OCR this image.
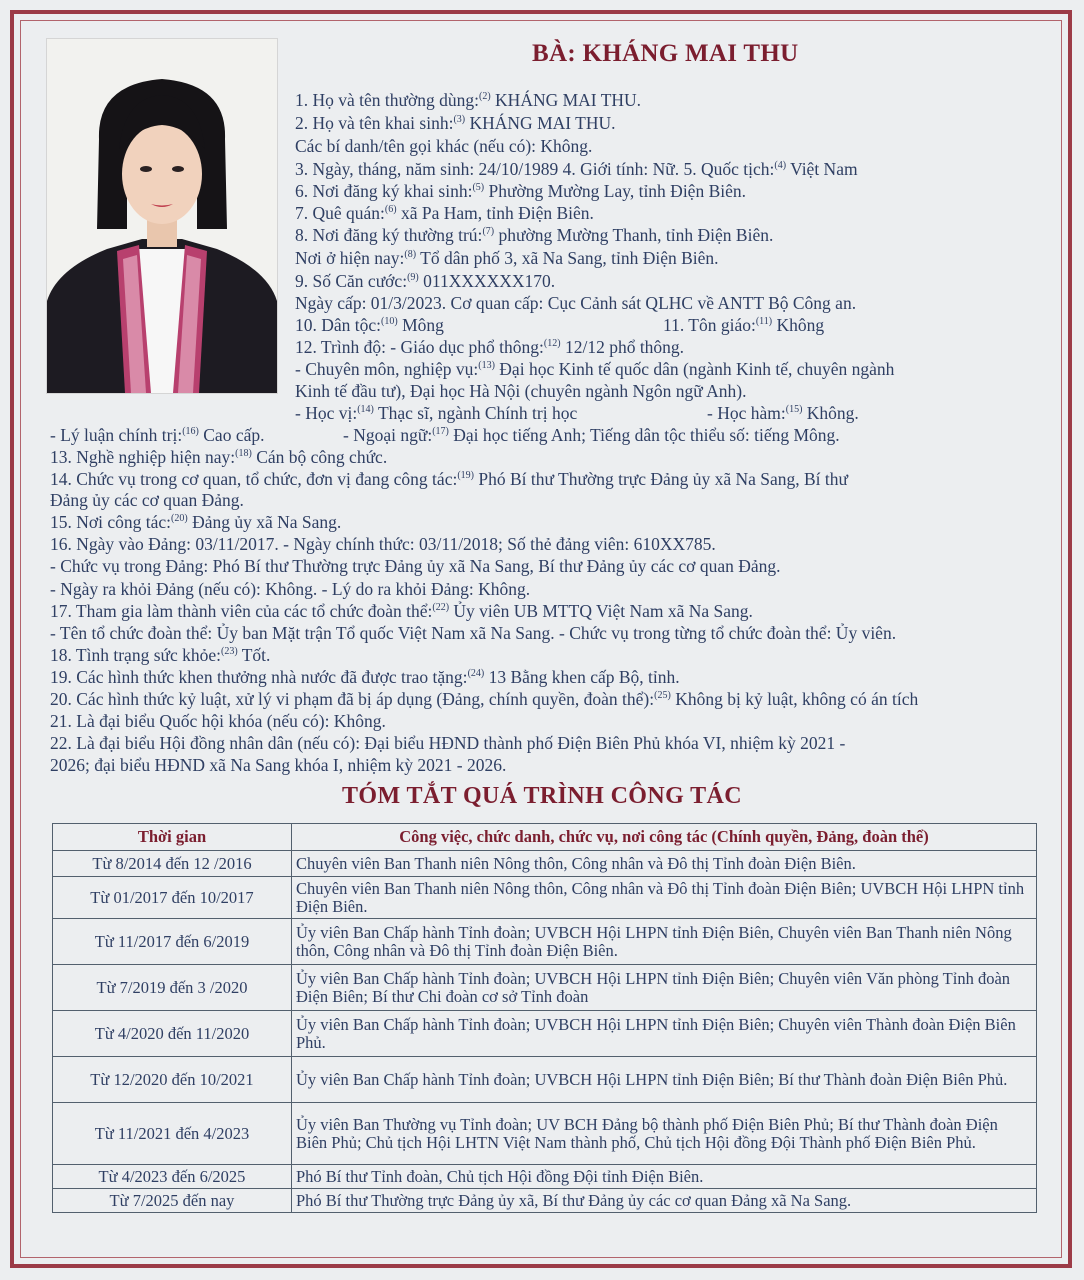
BÀ: KHÁNG MAI THU
1. Họ và tên thường dùng:$^{(2)}$ KHÁNG MAI THU.
2. Họ và tên khai sinh:$^{(3)}$ KHÁNG MAI THU.
Các bí danh/tên gọi khác (nếu có): Không.
3. Ngày, tháng, năm sinh: 24/10/1989 4. Giới tính: Nữ. 5. Quốc tịch:$^{(4)}$ Việt Nam
6. Nơi đăng ký khai sinh:$^{(5)}$ Phường Mường Lay, tỉnh Điện Biên.
7. Quê quán:$^{(6)}$ xã Pa Ham, tỉnh Điện Biên.
8. Nơi đăng ký thường trú:$^{(7)}$ phường Mường Thanh, tỉnh Điện Biên.
Nơi ở hiện nay:$^{(8)}$ Tổ dân phố 3, xã Na Sang, tỉnh Điện Biên.
9. Số Căn cước:$^{(9)}$ 011XXXXXX170.
Ngày cấp: 01/3/2023. Cơ quan cấp: Cục Cảnh sát QLHC về ANTT Bộ Công an.
10. Dân tộc:$^{(10)}$ Mông	11. Tôn giáo:$^{(11)}$ Không
12. Trình độ: - Giáo dục phổ thông:$^{(12)}$ 12/12 phổ thông.
- Chuyên môn, nghiệp vụ:$^{(13)}$ Đại học Kinh tế quốc dân (ngành Kinh tế, chuyên ngành
Kinh tế đầu tư), Đại học Hà Nội (chuyên ngành Ngôn ngữ Anh).
- Học vị:$^{(14)}$ Thạc sĩ, ngành Chính trị học	- Học hàm:$^{(15)}$ Không.
- Lý luận chính trị:$^{(16)}$ Cao cấp.	- Ngoại ngữ:$^{(17)}$ Đại học tiếng Anh; Tiếng dân tộc thiểu số: tiếng Mông.
13. Nghề nghiệp hiện nay:$^{(18)}$ Cán bộ công chức.
14. Chức vụ trong cơ quan, tổ chức, đơn vị đang công tác:$^{(19)}$ Phó Bí thư Thường trực Đảng ủy xã Na Sang, Bí thư
Đảng ủy các cơ quan Đảng.
15. Nơi công tác:$^{(20)}$ Đảng ủy xã Na Sang.
16. Ngày vào Đảng: 03/11/2017. - Ngày chính thức: 03/11/2018; Số thẻ đảng viên: 610XX785.
- Chức vụ trong Đảng: Phó Bí thư Thường trực Đảng ủy xã Na Sang, Bí thư Đảng ủy các cơ quan Đảng.
- Ngày ra khỏi Đảng (nếu có): Không. - Lý do ra khỏi Đảng: Không.
17. Tham gia làm thành viên của các tổ chức đoàn thể:$^{(22)}$ Ủy viên UB MTTQ Việt Nam xã Na Sang.
- Tên tổ chức đoàn thể: Ủy ban Mặt trận Tổ quốc Việt Nam xã Na Sang. - Chức vụ trong từng tổ chức đoàn thể: Ủy viên.
18. Tình trạng sức khỏe:$^{(23)}$ Tốt.
19. Các hình thức khen thưởng nhà nước đã được trao tặng:$^{(24)}$ 13 Bằng khen cấp Bộ, tỉnh.
20. Các hình thức kỷ luật, xử lý vi phạm đã bị áp dụng (Đảng, chính quyền, đoàn thể):$^{(25)}$ Không bị kỷ luật, không có án tích
21. Là đại biểu Quốc hội khóa (nếu có): Không.
22. Là đại biểu Hội đồng nhân dân (nếu có): Đại biểu HĐND thành phố Điện Biên Phủ khóa VI, nhiệm kỳ 2021 -
2026; đại biểu HĐND xã Na Sang khóa I, nhiệm kỳ 2021 - 2026.
TÓM TẮT QUÁ TRÌNH CÔNG TÁC
Thời gian	Công việc, chức danh, chức vụ, nơi công tác (Chính quyền, Đảng, đoàn thể)
Từ 8/2014 đến 12 /2016	Chuyên viên Ban Thanh niên Nông thôn, Công nhân và Đô thị Tỉnh đoàn Điện Biên.
Từ 01/2017 đến 10/2017	Chuyên viên Ban Thanh niên Nông thôn, Công nhân và Đô thị Tỉnh đoàn Điện Biên; UVBCH Hội LHPN tỉnh Điện Biên.
Từ 11/2017 đến 6/2019	Ủy viên Ban Chấp hành Tỉnh đoàn; UVBCH Hội LHPN tỉnh Điện Biên, Chuyên viên Ban Thanh niên Nông thôn, Công nhân và Đô thị Tỉnh đoàn Điện Biên.
Từ 7/2019 đến 3 /2020	Ủy viên Ban Chấp hành Tỉnh đoàn; UVBCH Hội LHPN tỉnh Điện Biên; Chuyên viên Văn phòng Tỉnh đoàn Điện Biên; Bí thư Chi đoàn cơ sở Tỉnh đoàn
Từ 4/2020 đến 11/2020	Ủy viên Ban Chấp hành Tỉnh đoàn; UVBCH Hội LHPN tỉnh Điện Biên; Chuyên viên Thành đoàn Điện Biên Phủ.
Từ 12/2020 đến 10/2021	Ủy viên Ban Chấp hành Tỉnh đoàn; UVBCH Hội LHPN tỉnh Điện Biên; Bí thư Thành đoàn Điện Biên Phủ.
Từ 11/2021 đến 4/2023	Ủy viên Ban Thường vụ Tỉnh đoàn; UV BCH Đảng bộ thành phố Điện Biên Phủ; Bí thư Thành đoàn Điện Biên Phủ; Chủ tịch Hội LHTN Việt Nam thành phố, Chủ tịch Hội đồng Đội Thành phố Điện Biên Phủ.
Từ 4/2023 đến 6/2025	Phó Bí thư Tỉnh đoàn, Chủ tịch Hội đồng Đội tỉnh Điện Biên.
Từ 7/2025 đến nay	Phó Bí thư Thường trực Đảng ủy xã, Bí thư Đảng ủy các cơ quan Đảng xã Na Sang.
